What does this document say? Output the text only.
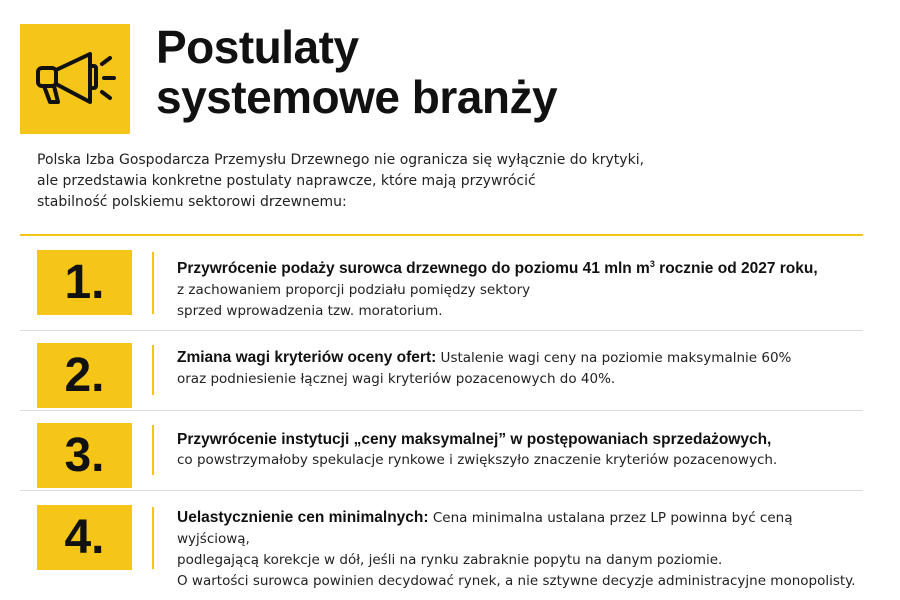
Postulaty
systemowe branży
Polska Izba Gospodarcza Przemysłu Drzewnego nie ogranicza się wyłącznie do krytyki,
ale przedstawia konkretne postulaty naprawcze, które mają przywrócić
stabilność polskiemu sektorowi drzewnemu:
1.	Przywrócenie podaży surowca drzewnego do poziomu 41 mln $m^3$ rocznie od 2027 roku,
z zachowaniem proporcji podziału pomiędzy sektory
sprzed wprowadzenia tzw. moratorium.
2.	Zmiana wagi kryteriów oceny ofert: Ustalenie wagi ceny na poziomie maksymalnie 60%
oraz podniesienie łącznej wagi kryteriów pozacenowych do 40%.
3.	Przywrócenie instytucji „ceny maksymalnej” w postępowaniach sprzedażowych,
co powstrzymałoby spekulacje rynkowe i zwiększyło znaczenie kryteriów pozacenowych.
4.	Uelastycznienie cen minimalnych: Cena minimalna ustalana przez LP powinna być ceną wyjściową,
podlegającą korekcje w dół, jeśli na rynku zabraknie popytu na danym poziomie.
O wartości surowca powinien decydować rynek, a nie sztywne decyzje administracyjne monopolisty.
